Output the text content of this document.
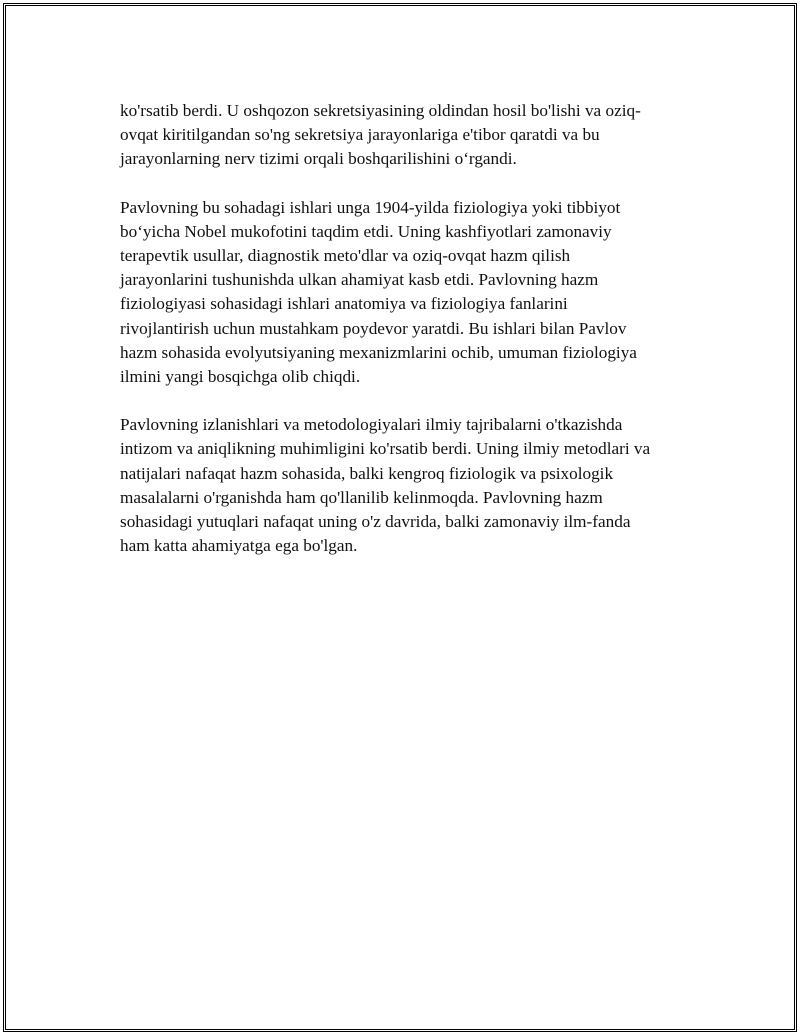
ko'rsatib berdi. U oshqozon sekretsiyasining oldindan hosil bo'lishi va oziq-
ovqat kiritilgandan so'ng sekretsiya jarayonlariga e'tibor qaratdi va bu
jarayonlarning nerv tizimi orqali boshqarilishini o‘rgandi.

Pavlovning bu sohadagi ishlari unga 1904-yilda fiziologiya yoki tibbiyot
bo‘yicha Nobel mukofotini taqdim etdi. Uning kashfiyotlari zamonaviy
terapevtik usullar, diagnostik meto'dlar va oziq-ovqat hazm qilish
jarayonlarini tushunishda ulkan ahamiyat kasb etdi. Pavlovning hazm
fiziologiyasi sohasidagi ishlari anatomiya va fiziologiya fanlarini
rivojlantirish uchun mustahkam poydevor yaratdi. Bu ishlari bilan Pavlov
hazm sohasida evolyutsiyaning mexanizmlarini ochib, umuman fiziologiya
ilmini yangi bosqichga olib chiqdi.

Pavlovning izlanishlari va metodologiyalari ilmiy tajribalarni o'tkazishda
intizom va aniqlikning muhimligini ko'rsatib berdi. Uning ilmiy metodlari va
natijalari nafaqat hazm sohasida, balki kengroq fiziologik va psixologik
masalalarni o'rganishda ham qo'llanilib kelinmoqda. Pavlovning hazm
sohasidagi yutuqlari nafaqat uning o'z davrida, balki zamonaviy ilm-fanda
ham katta ahamiyatga ega bo'lgan.
